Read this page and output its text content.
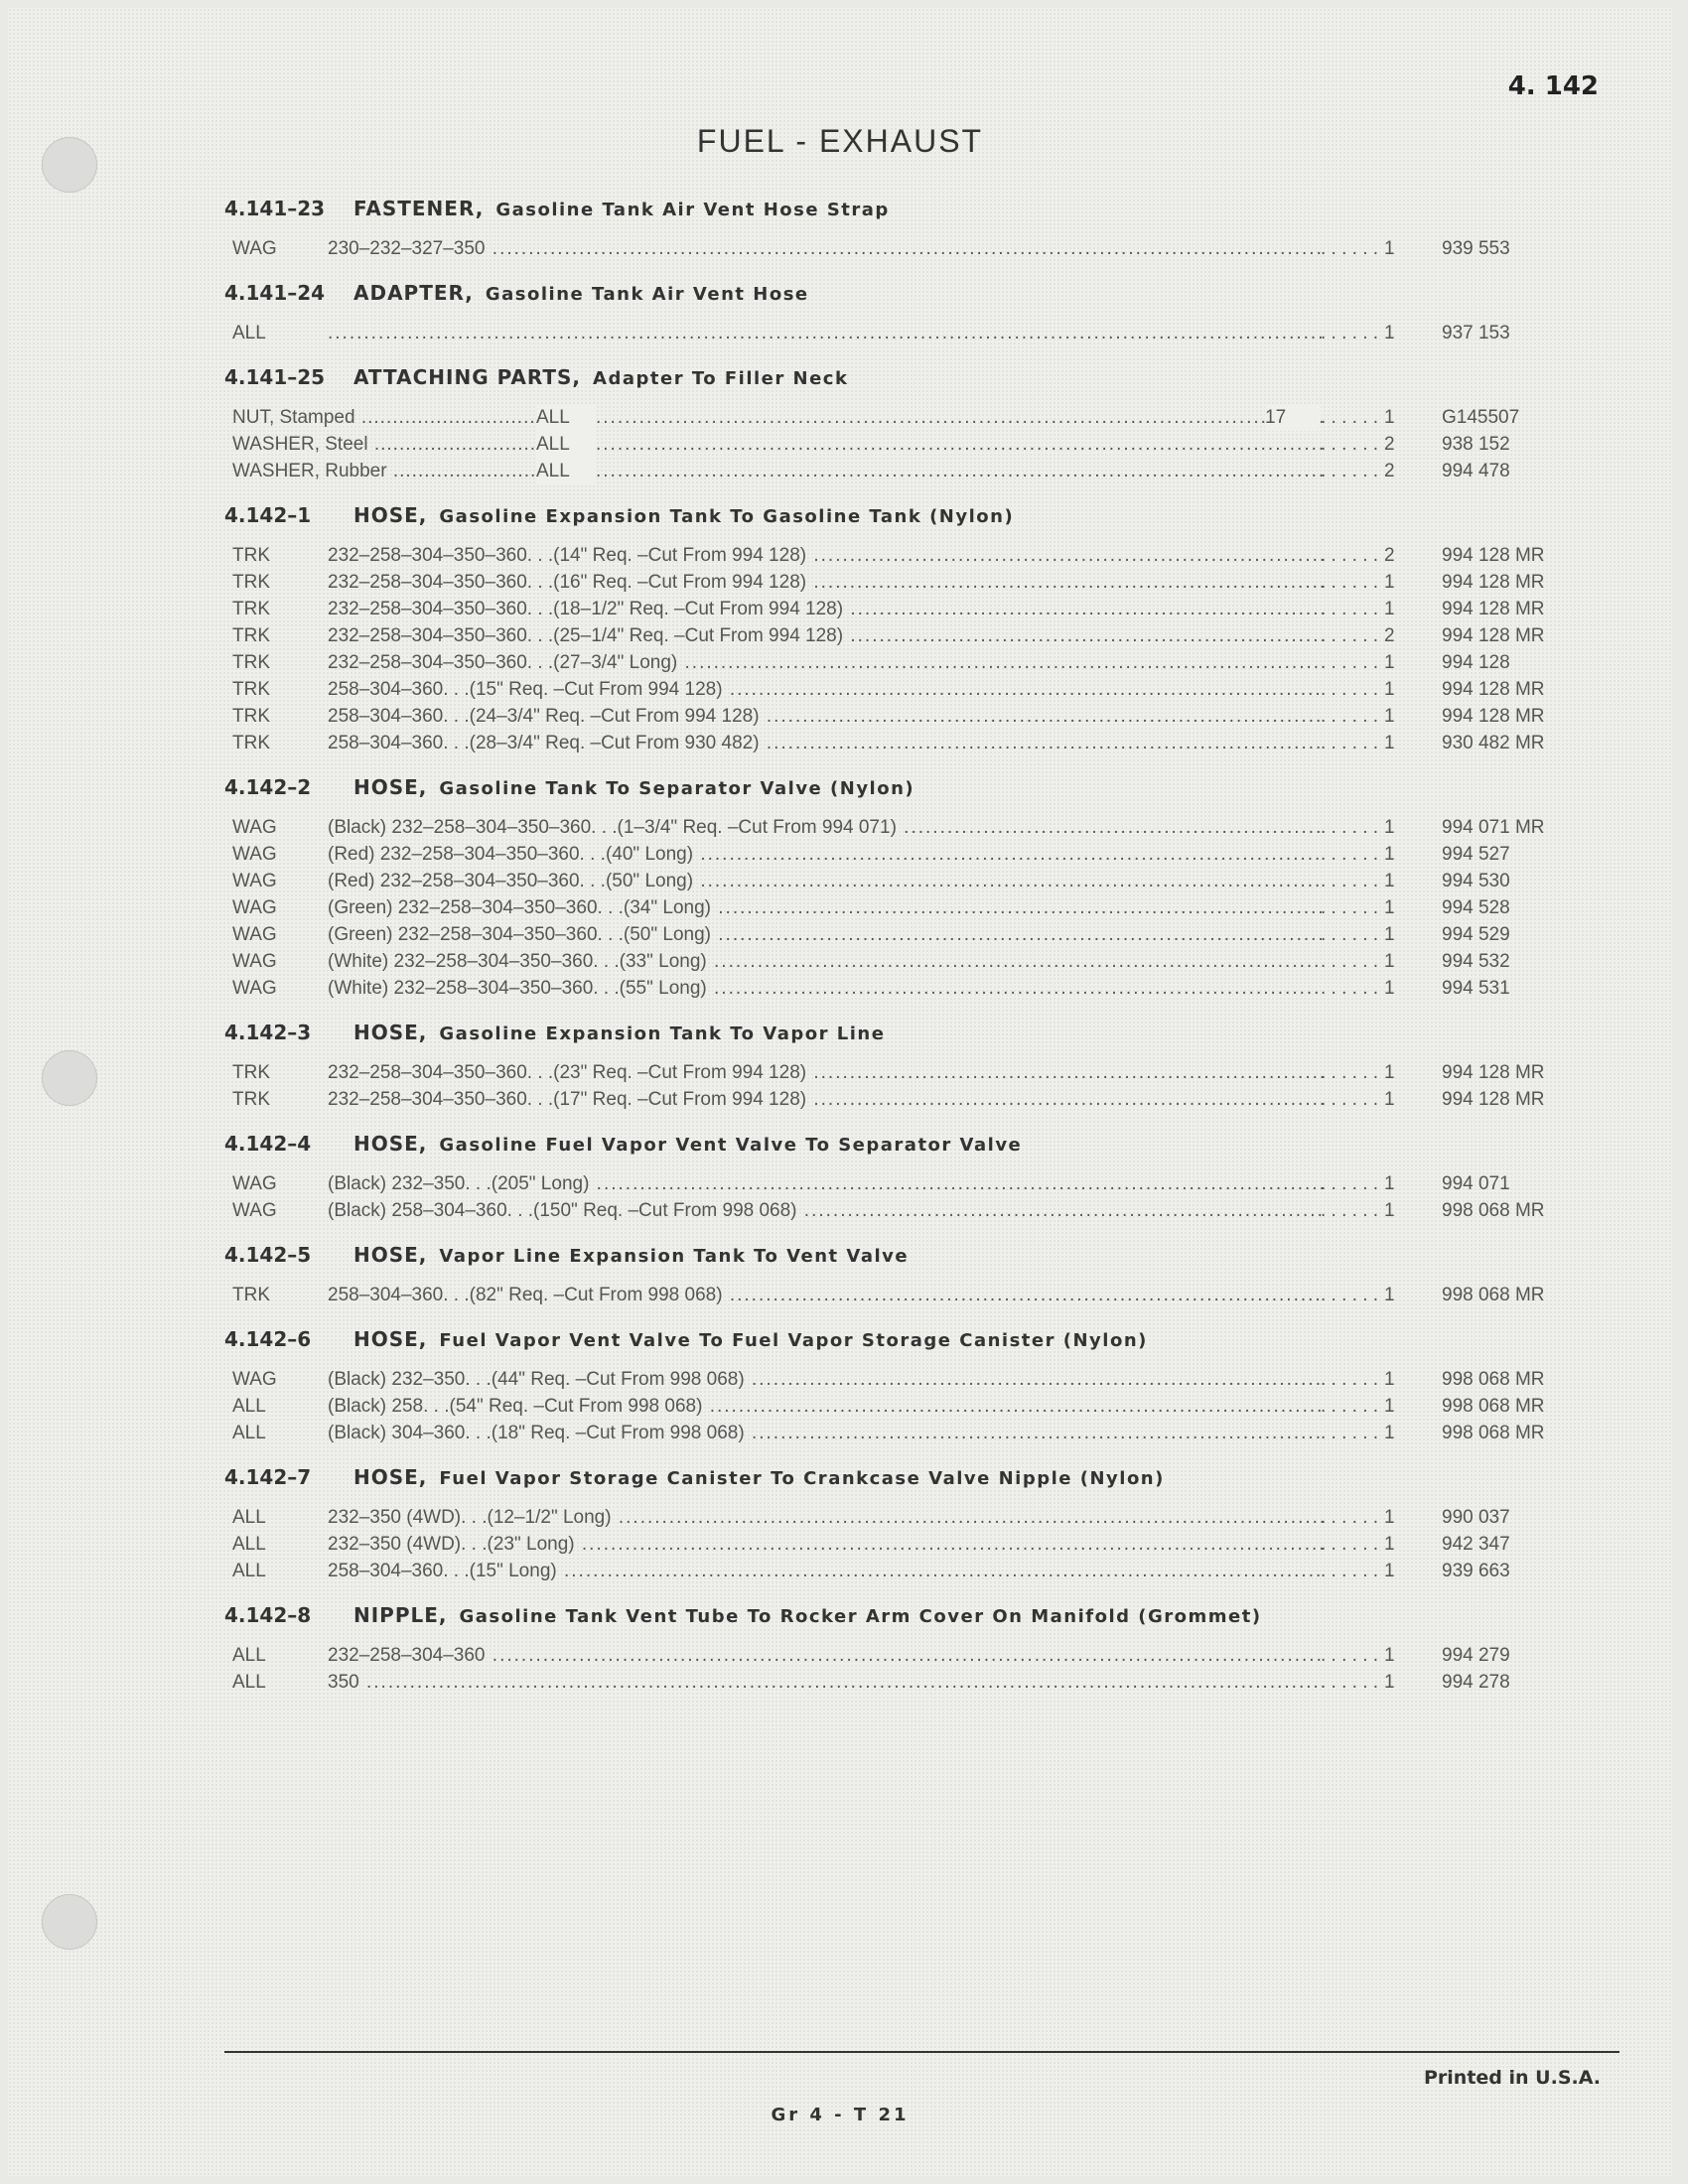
4. 142
FUEL - EXHAUST
4.141–23	FASTENER, Gasoline Tank Air Vent Hose Strap
WAG	230–232–327–350 .....	. . . . . . 1	939 553
4.141–24	ADAPTER, Gasoline Tank Air Vent Hose
ALL .....	. . . . . . 1	937 153
4.141–25	ATTACHING PARTS, Adapter To Filler Neck
NUT, Stamped .....	ALL .....	17	. . . . . . 1	G145507
WASHER, Steel .....	ALL .....	. . . . . . 2	938 152
WASHER, Rubber .....	ALL .....	. . . . . . 2	994 478
4.142–1	HOSE, Gasoline Expansion Tank To Gasoline Tank (Nylon)
TRK	232–258–304–350–360. . .(14" Req. –Cut From 994 128) .....	. . . . . . 2	994 128 MR
TRK	232–258–304–350–360. . .(16" Req. –Cut From 994 128) .....	. . . . . . 1	994 128 MR
TRK	232–258–304–350–360. . .(18–1/2" Req. –Cut From 994 128) .....	. . . . . . 1	994 128 MR
TRK	232–258–304–350–360. . .(25–1/4" Req. –Cut From 994 128) .....	. . . . . . 2	994 128 MR
TRK	232–258–304–350–360. . .(27–3/4" Long) .....	. . . . . . 1	994 128
TRK	258–304–360. . .(15" Req. –Cut From 994 128) .....	. . . . . . 1	994 128 MR
TRK	258–304–360. . .(24–3/4" Req. –Cut From 994 128) .....	. . . . . . 1	994 128 MR
TRK	258–304–360. . .(28–3/4" Req. –Cut From 930 482) .....	. . . . . . 1	930 482 MR
4.142–2	HOSE, Gasoline Tank To Separator Valve (Nylon)
WAG	(Black) 232–258–304–350–360. . .(1–3/4" Req. –Cut From 994 071) .....	. . . . . . 1	994 071 MR
WAG	(Red) 232–258–304–350–360. . .(40" Long) .....	. . . . . . 1	994 527
WAG	(Red) 232–258–304–350–360. . .(50" Long) .....	. . . . . . 1	994 530
WAG	(Green) 232–258–304–350–360. . .(34" Long) .....	. . . . . . 1	994 528
WAG	(Green) 232–258–304–350–360. . .(50" Long) .....	. . . . . . 1	994 529
WAG	(White) 232–258–304–350–360. . .(33" Long) .....	. . . . . . 1	994 532
WAG	(White) 232–258–304–350–360. . .(55" Long) .....	. . . . . . 1	994 531
4.142–3	HOSE, Gasoline Expansion Tank To Vapor Line
TRK	232–258–304–350–360. . .(23" Req. –Cut From 994 128) .....	. . . . . . 1	994 128 MR
TRK	232–258–304–350–360. . .(17" Req. –Cut From 994 128) .....	. . . . . . 1	994 128 MR
4.142–4	HOSE, Gasoline Fuel Vapor Vent Valve To Separator Valve
WAG	(Black) 232–350. . .(205" Long) .....	. . . . . . 1	994 071
WAG	(Black) 258–304–360. . .(150" Req. –Cut From 998 068) .....	. . . . . . 1	998 068 MR
4.142–5	HOSE, Vapor Line Expansion Tank To Vent Valve
TRK	258–304–360. . .(82" Req. –Cut From 998 068) .....	. . . . . . 1	998 068 MR
4.142–6	HOSE, Fuel Vapor Vent Valve To Fuel Vapor Storage Canister (Nylon)
WAG	(Black) 232–350. . .(44" Req. –Cut From 998 068) .....	. . . . . . 1	998 068 MR
ALL	(Black) 258. . .(54" Req. –Cut From 998 068) .....	. . . . . . 1	998 068 MR
ALL	(Black) 304–360. . .(18" Req. –Cut From 998 068) .....	. . . . . . 1	998 068 MR
4.142–7	HOSE, Fuel Vapor Storage Canister To Crankcase Valve Nipple (Nylon)
ALL	232–350 (4WD). . .(12–1/2" Long) .....	. . . . . . 1	990 037
ALL	232–350 (4WD). . .(23" Long) .....	. . . . . . 1	942 347
ALL	258–304–360. . .(15" Long) .....	. . . . . . 1	939 663
4.142–8	NIPPLE, Gasoline Tank Vent Tube To Rocker Arm Cover On Manifold (Grommet)
ALL	232–258–304–360 .....	. . . . . . 1	994 279
ALL	350 .....	. . . . . . 1	994 278
Printed in U.S.A.
Gr 4 - T 21
